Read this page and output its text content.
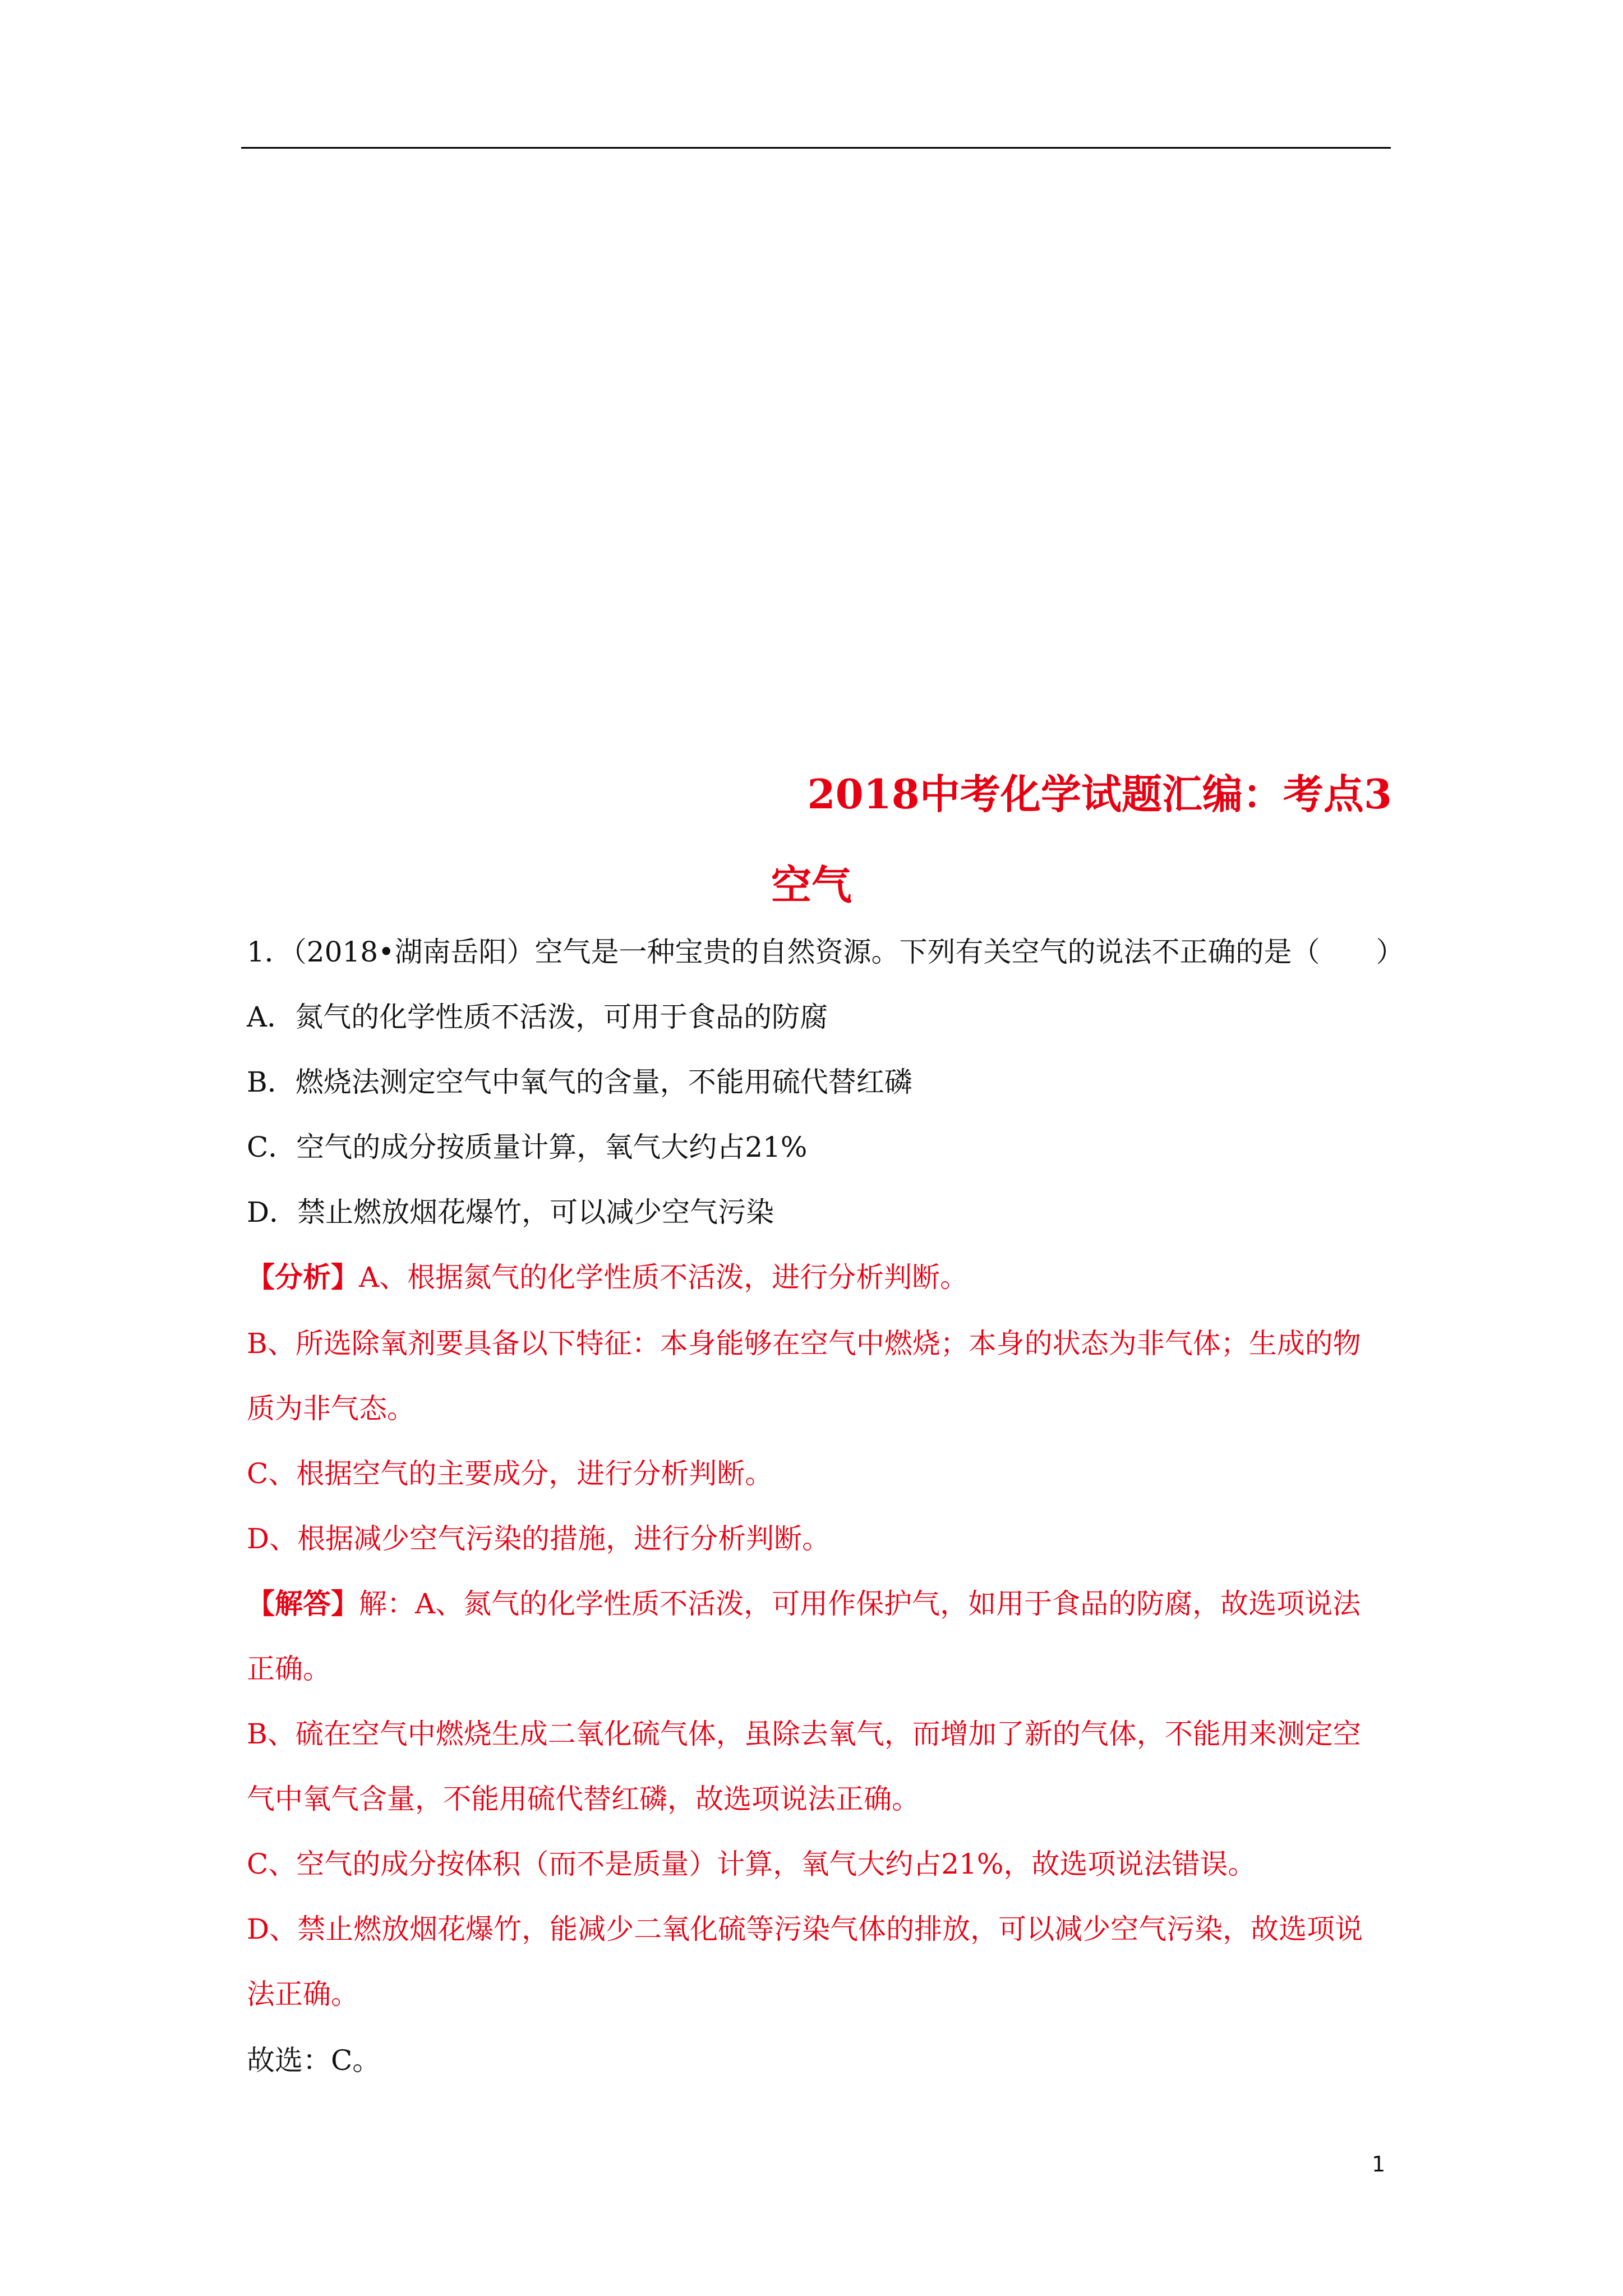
2018中考化学试题汇编：考点3
空气
1．（2018•湖南岳阳）空气是一种宝贵的自然资源。下列有关空气的说法不正确的是（　　）
A．氮气的化学性质不活泼，可用于食品的防腐
B．燃烧法测定空气中氧气的含量，不能用硫代替红磷
C．空气的成分按质量计算，氧气大约占21%
D．禁止燃放烟花爆竹，可以减少空气污染
【分析】A、根据氮气的化学性质不活泼，进行分析判断。
B、所选除氧剂要具备以下特征：本身能够在空气中燃烧；本身的状态为非气体；生成的物
质为非气态。
C、根据空气的主要成分，进行分析判断。
D、根据减少空气污染的措施，进行分析判断。
【解答】解：A、氮气的化学性质不活泼，可用作保护气，如用于食品的防腐，故选项说法
正确。
B、硫在空气中燃烧生成二氧化硫气体，虽除去氧气，而增加了新的气体，不能用来测定空
气中氧气含量，不能用硫代替红磷，故选项说法正确。
C、空气的成分按体积（而不是质量）计算，氧气大约占21%，故选项说法错误。
D、禁止燃放烟花爆竹，能减少二氧化硫等污染气体的排放，可以减少空气污染，故选项说
法正确。
故选：C。
1
